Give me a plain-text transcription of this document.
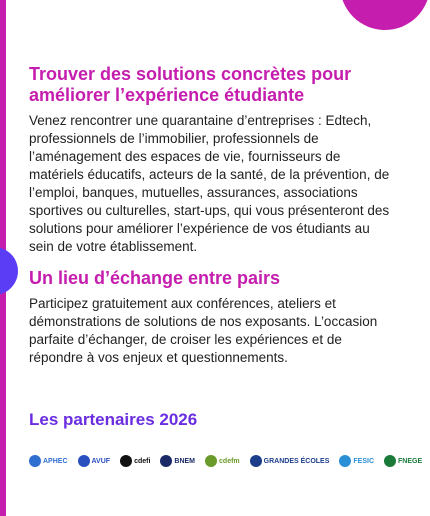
Trouver des solutions concrètes pour améliorer l’expérience étudiante

Venez rencontrer une quarantaine d’entreprises : Edtech, professionnels de l’immobilier, professionnels de l’aménagement des espaces de vie, fournisseurs de matériels éducatifs, acteurs de la santé, de la prévention, de l’emploi, banques, mutuelles, assurances, associations sportives ou culturelles, start-ups, qui vous présenteront des solutions pour améliorer l’expérience de vos étudiants au sein de votre établissement.

Un lieu d’échange entre pairs

Participez gratuitement aux conférences, ateliers et démonstrations de solutions de nos exposants. L’occasion parfaite d’échanger, de croiser les expériences et de répondre à vos enjeux et questionnements.

Les partenaires 2026
APHEC	AVUF	cdefi	BNEM	cdefm	GRANDES ÉCOLES	FESIC	FNEGE
